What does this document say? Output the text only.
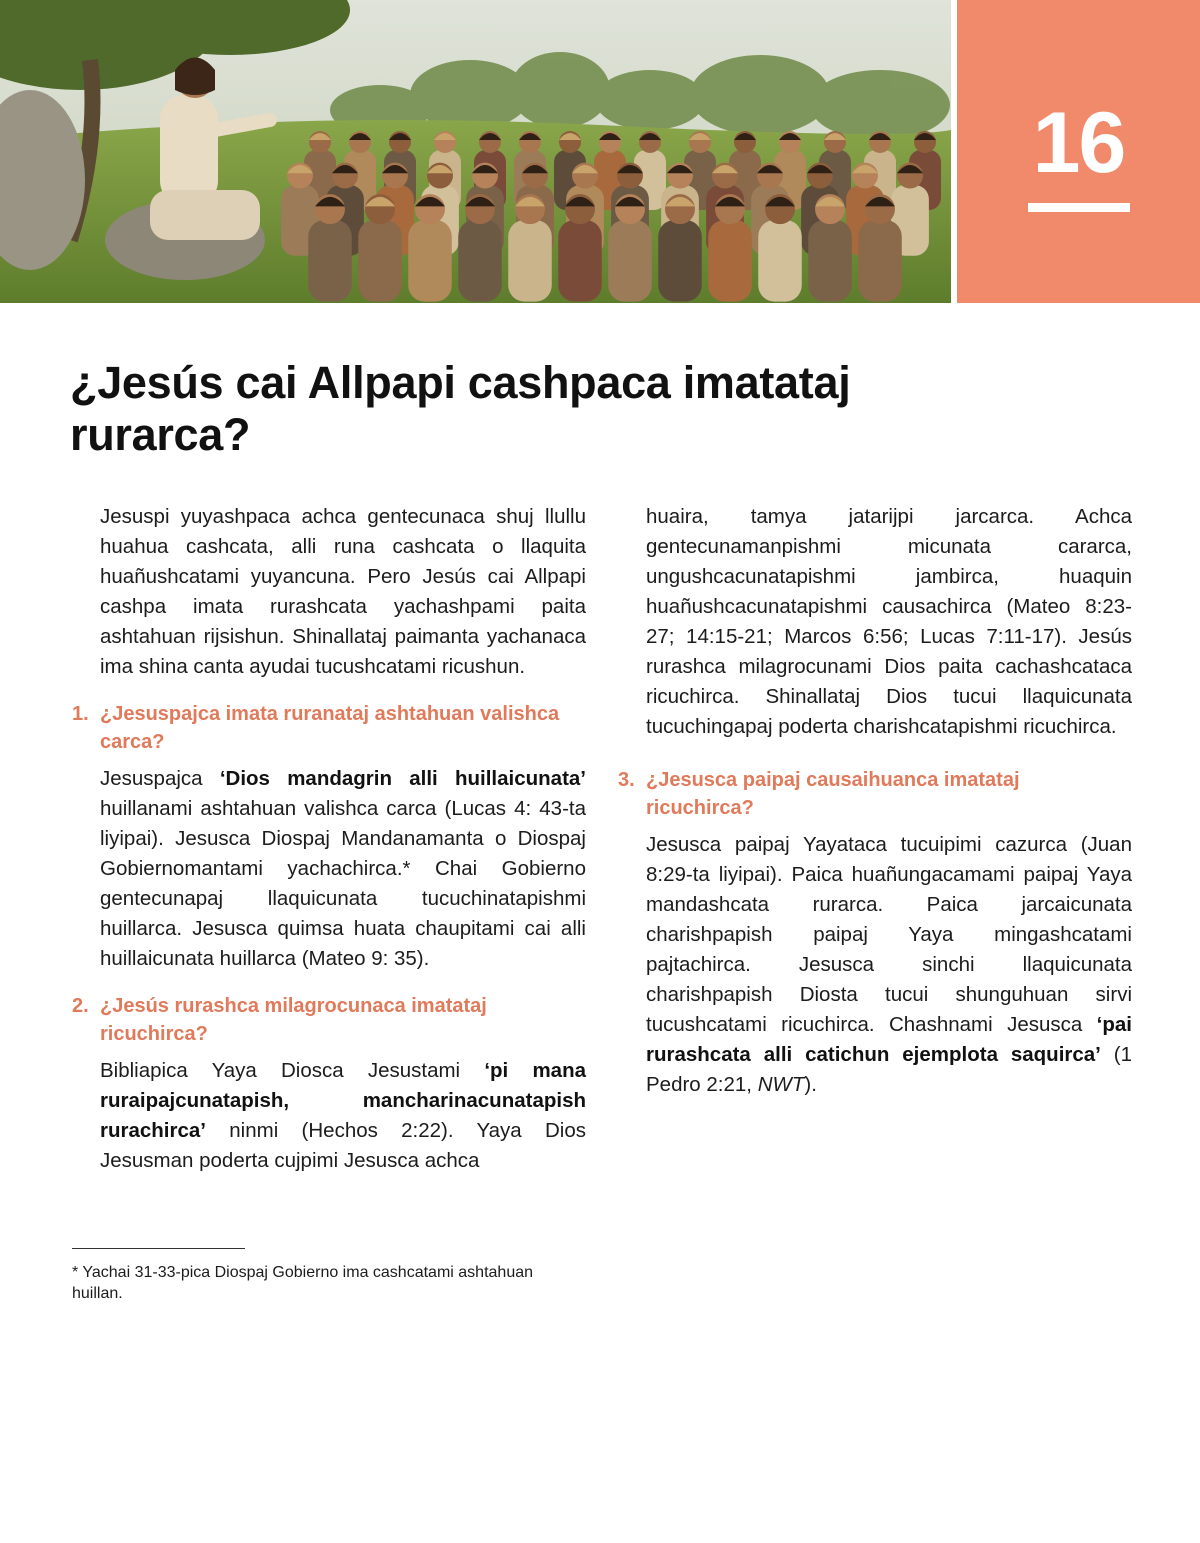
16
¿Jesús cai Allpapi cashpaca imatataj rurarca?

Jesuspi yuyashpaca achca gentecunaca shuj llullu huahua cashcata, alli runa cashcata o llaquita huañushcatami yuyancuna. Pero Jesús cai Allpapi cashpa imata rurashcata yachashpami paita ashtahuan rijsishun. Shinallataj paimanta yachanaca ima shina canta ayudai tucushcatami ricushun.

1. ¿Jesuspajca imata ruranataj ashtahuan valishca carca?

Jesuspajca ‘Dios mandagrin alli huillaicunata’ huillanami ashtahuan valishca carca (Lucas 4: 43-ta liyipai). Jesusca Diospaj Mandanamanta o Diospaj Gobiernomantami yachachirca.* Chai Gobierno gentecunapaj llaquicunata tucuchinatapishmi huillarca. Jesusca quimsa huata chaupitami cai alli huillaicunata huillarca (Mateo 9: 35).

2. ¿Jesús rurashca milagrocunaca imatataj ricuchirca?

Bibliapica Yaya Diosca Jesustami ‘pi mana ruraipajcunatapish, mancharinacunatapish rurachirca’ ninmi (Hechos 2:22). Yaya Dios Jesusman poderta cujpimi Jesusca achca

huaira, tamya jatarijpi jarcarca. Achca gentecunamanpishmi micunata cararca, ungushcacunatapishmi jambirca, huaquin huañushcacunatapishmi causachirca (Mateo 8:23-27; 14:15-21; Marcos 6:56; Lucas 7:11-17). Jesús rurashca milagrocunami Dios paita cachashcataca ricuchirca. Shinallataj Dios tucui llaquicunata tucuchingapaj poderta charishcatapishmi ricuchirca.

3. ¿Jesusca paipaj causaihuanca imatataj ricuchirca?

Jesusca paipaj Yayataca tucuipimi cazurca (Juan 8:29-ta liyipai). Paica huañungacamami paipaj Yaya mandashcata rurarca. Paica jarcaicunata charishpapish paipaj Yaya mingashcatami pajtachirca. Jesusca sinchi llaquicunata charishpapish Diosta tucui shunguhuan sirvi tucushcatami ricuchirca. Chashnami Jesusca ‘pai rurashcata alli catichun ejemplota saquirca’ (1 Pedro 2:21, NWT).

* Yachai 31-33-pica Diospaj Gobierno ima cashcatami ashtahuan huillan.
